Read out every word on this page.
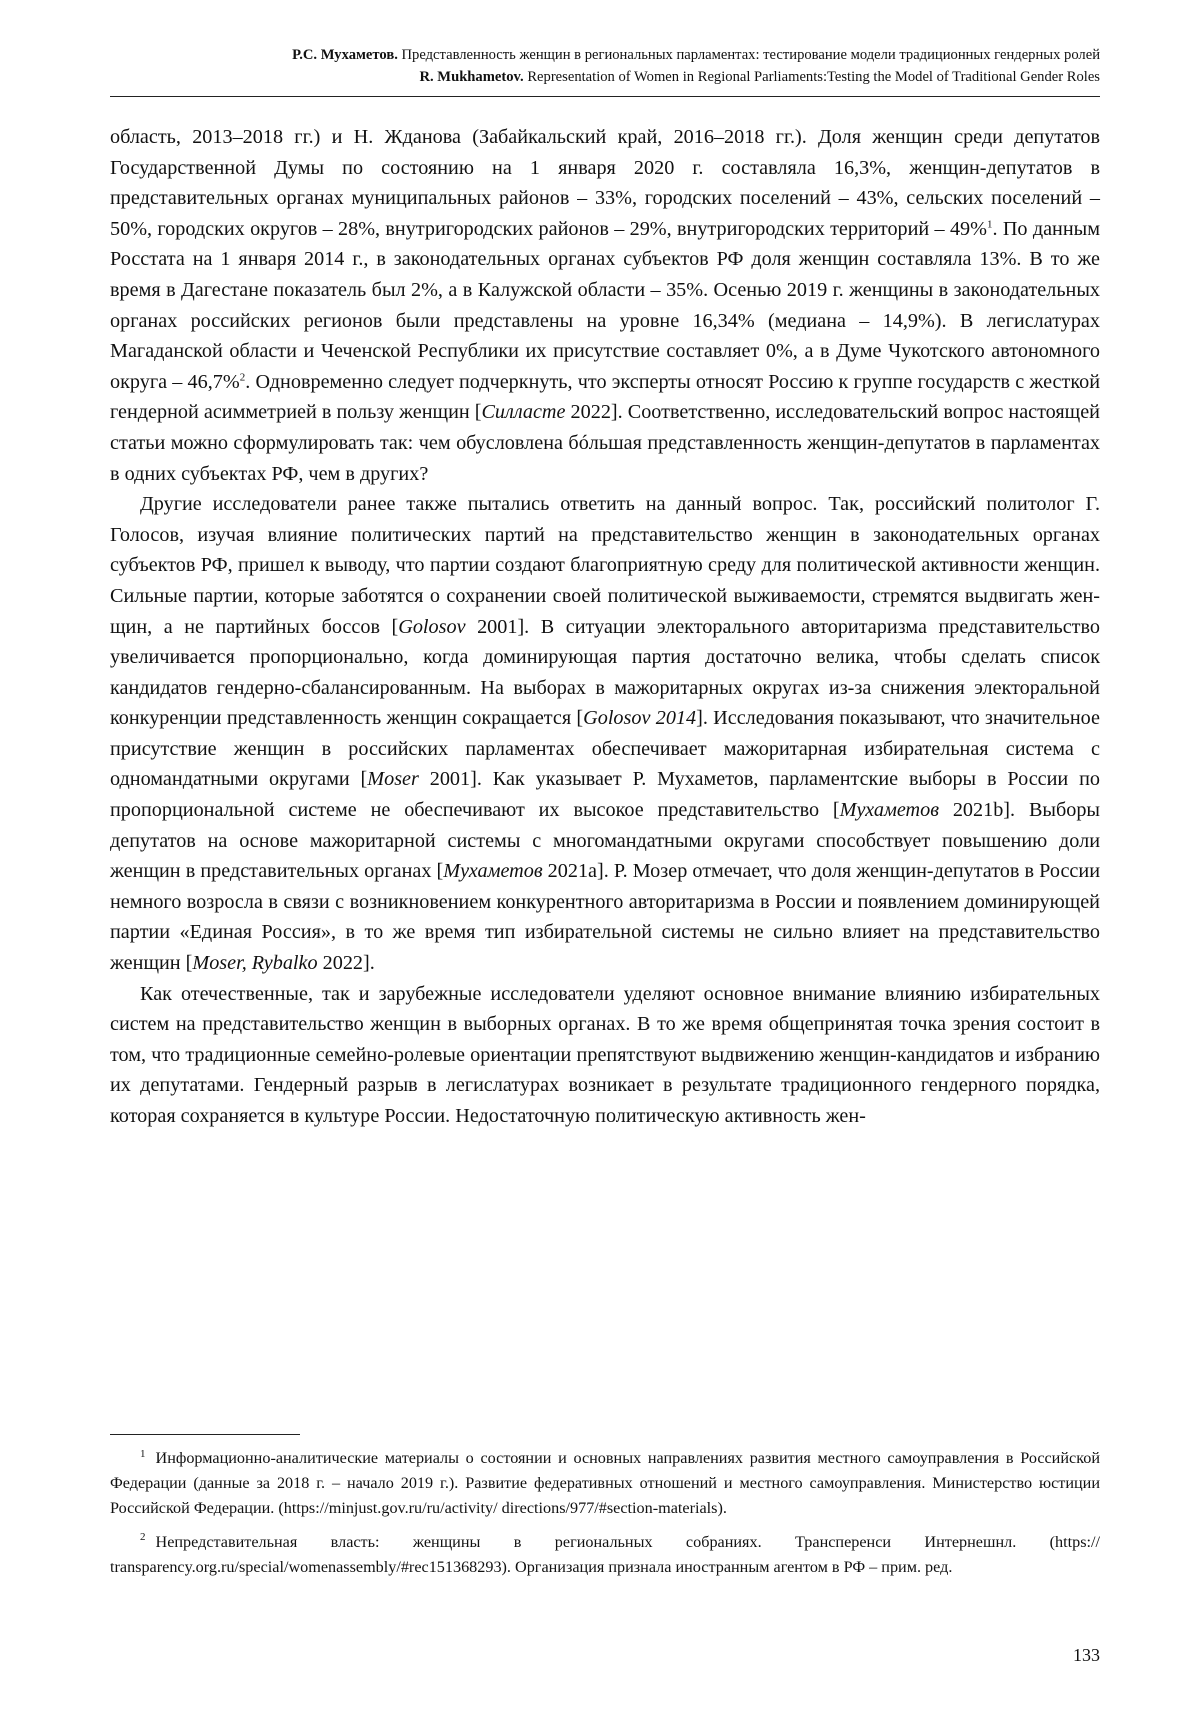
Р.С. Мухаметов. Представленность женщин в региональных парламентах: тестирование модели традиционных гендерных ролей
R. Mukhametov. Representation of Women in Regional Parliaments:Testing the Model of Traditional Gender Roles

область, 2013–2018 гг.) и Н. Жданова (Забайкальский край, 2016–2018 гг.). Доля женщин среди депутатов Государственной Думы по состоянию на 1 января 2020 г. составляла 16,3%, женщин-депутатов в представительных органах муниципальных районов – 33%, городских поселений – 43%, сельских поселений – 50%, городских округов – 28%, внутригородских районов – 29%, внутригородских территорий – 49%$^1$. По данным Росстата на 1 января 2014 г., в законодательных органах субъектов РФ доля женщин составляла 13%. В то же время в Дагестане показатель был 2%, а в Калужской области – 35%. Осенью 2019 г. женщины в законодательных органах российских регионов были представлены на уровне 16,34% (медиана – 14,9%). В легислатурах Магаданской области и Чеченской Республики их присутствие составляет 0%, а в Думе Чукотского автономного округа – 46,7%$^2$. Одновременно следует подчеркнуть, что эксперты относят Россию к группе государств с жесткой гендерной асимметрией в пользу женщин [Силласте 2022]. Соответственно, исследовательский вопрос настоящей статьи можно сформулировать так: чем обусловлена бóльшая представленность женщин-депутатов в парламентах в одних субъектах РФ, чем в других?

Другие исследователи ранее также пытались ответить на данный вопрос. Так, российский политолог Г. Голосов, изучая влияние политических партий на представительство женщин в законодательных органах субъектов РФ, пришел к выводу, что партии создают благоприятную среду для политической активности женщин. Сильные партии, которые заботятся о сохранении своей политической выживаемости, стремятся выдвигать женщин, а не партийных боссов [Golosov 2001]. В ситуации электорального авторитаризма представительство увеличивается пропорционально, когда доминирующая партия достаточно велика, чтобы сделать список кандидатов гендерно-сбалансированным. На выборах в мажоритарных округах из-за снижения электоральной конкуренции представленность женщин сокращается [Golosov 2014]. Исследования показывают, что значительное присутствие женщин в российских парламентах обеспечивает мажоритарная избирательная система с одномандатными округами [Moser 2001]. Как указывает Р. Мухаметов, парламентские выборы в России по пропорциональной системе не обеспечивают их высокое представительство [Мухаметов 2021b]. Выборы депутатов на основе мажоритарной системы с многомандатными округами способствует повышению доли женщин в представительных органах [Мухаметов 2021a]. Р. Мозер отмечает, что доля женщин-депутатов в России немного возросла в связи с возникновением конкурентного авторитаризма в России и появлением доминирующей партии «Единая Россия», в то же время тип избирательной системы не сильно влияет на представительство женщин [Moser, Rybalko 2022].

Как отечественные, так и зарубежные исследователи уделяют основное внимание влиянию избирательных систем на представительство женщин в выборных органах. В то же время общепринятая точка зрения состоит в том, что традиционные семейно-ролевые ориентации препятствуют выдвижению женщин-кандидатов и избранию их депутатами. Гендерный разрыв в легислатурах возникает в результате традиционного гендерного порядка, которая сохраняется в культуре России. Недостаточную политическую активность жен-

$^1$ Информационно-аналитические материалы о состоянии и основных направлениях развития местного самоуправления в Российской Федерации (данные за 2018 г. – начало 2019 г.). Развитие федеративных отношений и местного самоуправления. Министерство юстиции Российской Федерации. (https://minjust.gov.ru/ru/activity/ directions/977/#section-materials).

$^2$ Непредставительная власть: женщины в региональных собраниях. Трансперенси Интернешнл. (https:// transparency.org.ru/special/womenassembly/#rec151368293). Организация признала иностранным агентом в РФ – прим. ред.

133
